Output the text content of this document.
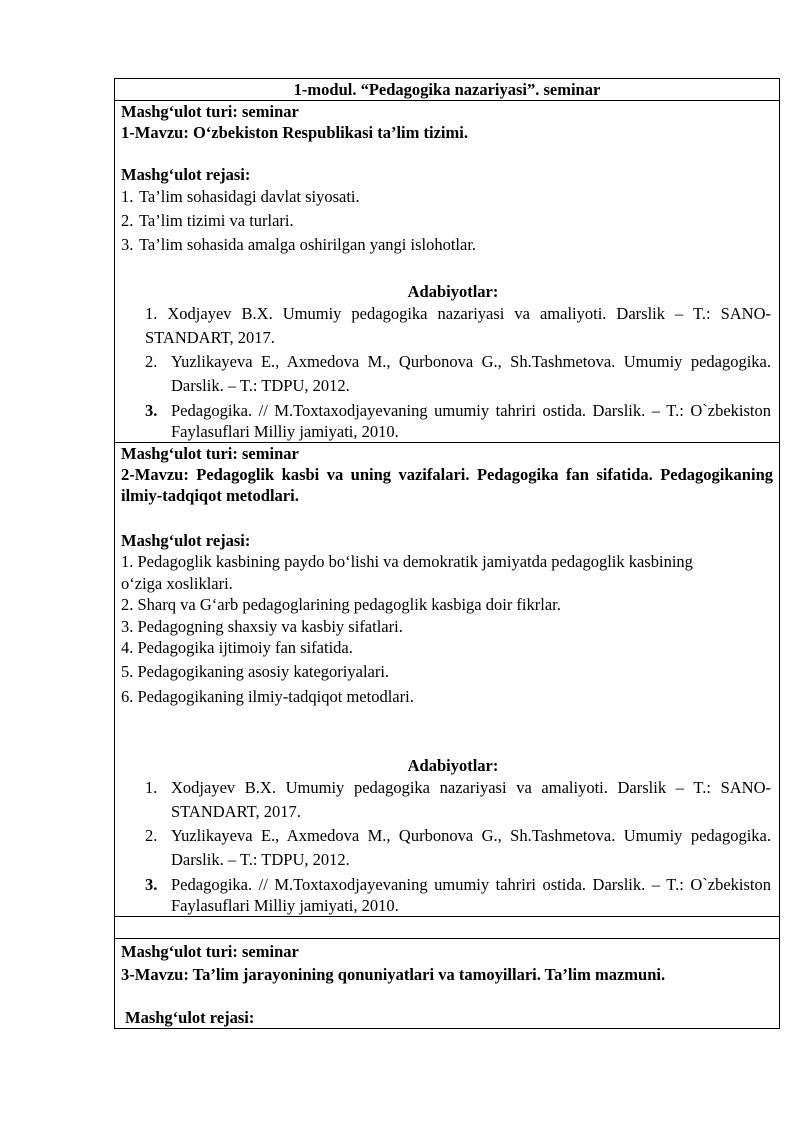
1-modul. “Pedagogika nazariyasi”. seminar

Mashg‘ulot turi: seminar
1-Mavzu: O‘zbekiston Respublikasi ta’lim tizimi.
Mashg‘ulot rejasi:
1. Ta’lim sohasidagi davlat siyosati.
2. Ta’lim tizimi va turlari.
3. Ta’lim sohasida amalga oshirilgan yangi islohotlar.
Adabiyotlar:
1. Xodjayev B.X. Umumiy pedagogika nazariyasi va amaliyoti. Darslik – T.: SANO-STANDART, 2017.
2. Yuzlikayeva E., Axmedova M., Qurbonova G., Sh.Tashmetova. Umumiy pedagogika. Darslik. – T.: TDPU, 2012.
3. Pedagogika. // M.Toxtaxodjayevaning umumiy tahriri ostida. Darslik. – T.: O`zbekiston Faylasuflari Milliy jamiyati, 2010.

Mashg‘ulot turi: seminar
2-Mavzu: Pedagoglik kasbi va uning vazifalari. Pedagogika fan sifatida. Pedagogikaning ilmiy-tadqiqot metodlari.
Mashg‘ulot rejasi:
1. Pedagoglik kasbining paydo bo‘lishi va demokratik jamiyatda pedagoglik kasbining o‘ziga xosliklari.
2. Sharq va G‘arb pedagoglarining pedagoglik kasbiga doir fikrlar.
3. Pedagogning shaxsiy va kasbiy sifatlari.
4. Pedagogika ijtimoiy fan sifatida.
5. Pedagogikaning asosiy kategoriyalari.
6. Pedagogikaning ilmiy-tadqiqot metodlari.
Adabiyotlar:
1. Xodjayev B.X. Umumiy pedagogika nazariyasi va amaliyoti. Darslik – T.: SANO-STANDART, 2017.
2. Yuzlikayeva E., Axmedova M., Qurbonova G., Sh.Tashmetova. Umumiy pedagogika. Darslik. – T.: TDPU, 2012.
3. Pedagogika. // M.Toxtaxodjayevaning umumiy tahriri ostida. Darslik. – T.: O`zbekiston Faylasuflari Milliy jamiyati, 2010.

Mashg‘ulot turi: seminar
3-Mavzu: Ta’lim jarayonining qonuniyatlari va tamoyillari. Ta’lim mazmuni.
Mashg‘ulot rejasi:
